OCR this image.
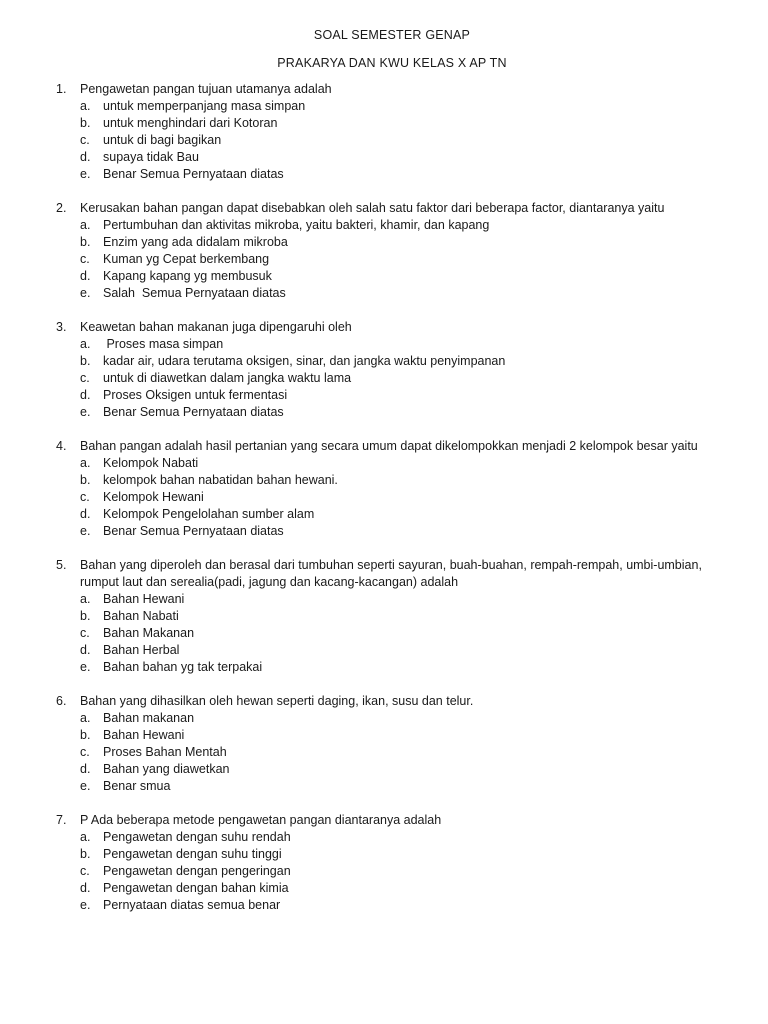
SOAL SEMESTER GENAP
PRAKARYA DAN KWU KELAS X AP TN
1.	Pengawetan pangan tujuan utamanya adalah
a.	untuk memperpanjang masa simpan
b.	untuk menghindari dari Kotoran
c.	untuk di bagi bagikan
d.	supaya tidak Bau
e.	Benar Semua Pernyataan diatas
2.	Kerusakan bahan pangan dapat disebabkan oleh salah satu faktor dari beberapa factor, diantaranya yaitu
a.	Pertumbuhan dan aktivitas mikroba, yaitu bakteri, khamir, dan kapang
b.	Enzim yang ada didalam mikroba
c.	Kuman yg Cepat berkembang
d.	Kapang kapang yg membusuk
e.	Salah  Semua Pernyataan diatas
3.	Keawetan bahan makanan juga dipengaruhi oleh
a.	Proses masa simpan
b.	kadar air, udara terutama oksigen, sinar, dan jangka waktu penyimpanan
c.	untuk di diawetkan dalam jangka waktu lama
d.	Proses Oksigen untuk fermentasi
e.	Benar Semua Pernyataan diatas
4.	Bahan pangan adalah hasil pertanian yang secara umum dapat dikelompokkan menjadi 2 kelompok besar yaitu
a.	Kelompok Nabati
b.	kelompok bahan nabatidan bahan hewani.
c.	Kelompok Hewani
d.	Kelompok Pengelolahan sumber alam
e.	Benar Semua Pernyataan diatas
5.	Bahan yang diperoleh dan berasal dari tumbuhan seperti sayuran, buah-buahan, rempah-rempah, umbi-umbian, rumput laut dan serealia(padi, jagung dan kacang-kacangan) adalah
a.	Bahan Hewani
b.	Bahan Nabati
c.	Bahan Makanan
d.	Bahan Herbal
e.	Bahan bahan yg tak terpakai
6.	Bahan yang dihasilkan oleh hewan seperti daging, ikan, susu dan telur.
a.	Bahan makanan
b.	Bahan Hewani
c.	Proses Bahan Mentah
d.	Bahan yang diawetkan
e.	Benar smua
7.	P Ada beberapa metode pengawetan pangan diantaranya adalah
a.	Pengawetan dengan suhu rendah
b.	Pengawetan dengan suhu tinggi
c.	Pengawetan dengan pengeringan
d.	Pengawetan dengan bahan kimia
e.	Pernyataan diatas semua benar
